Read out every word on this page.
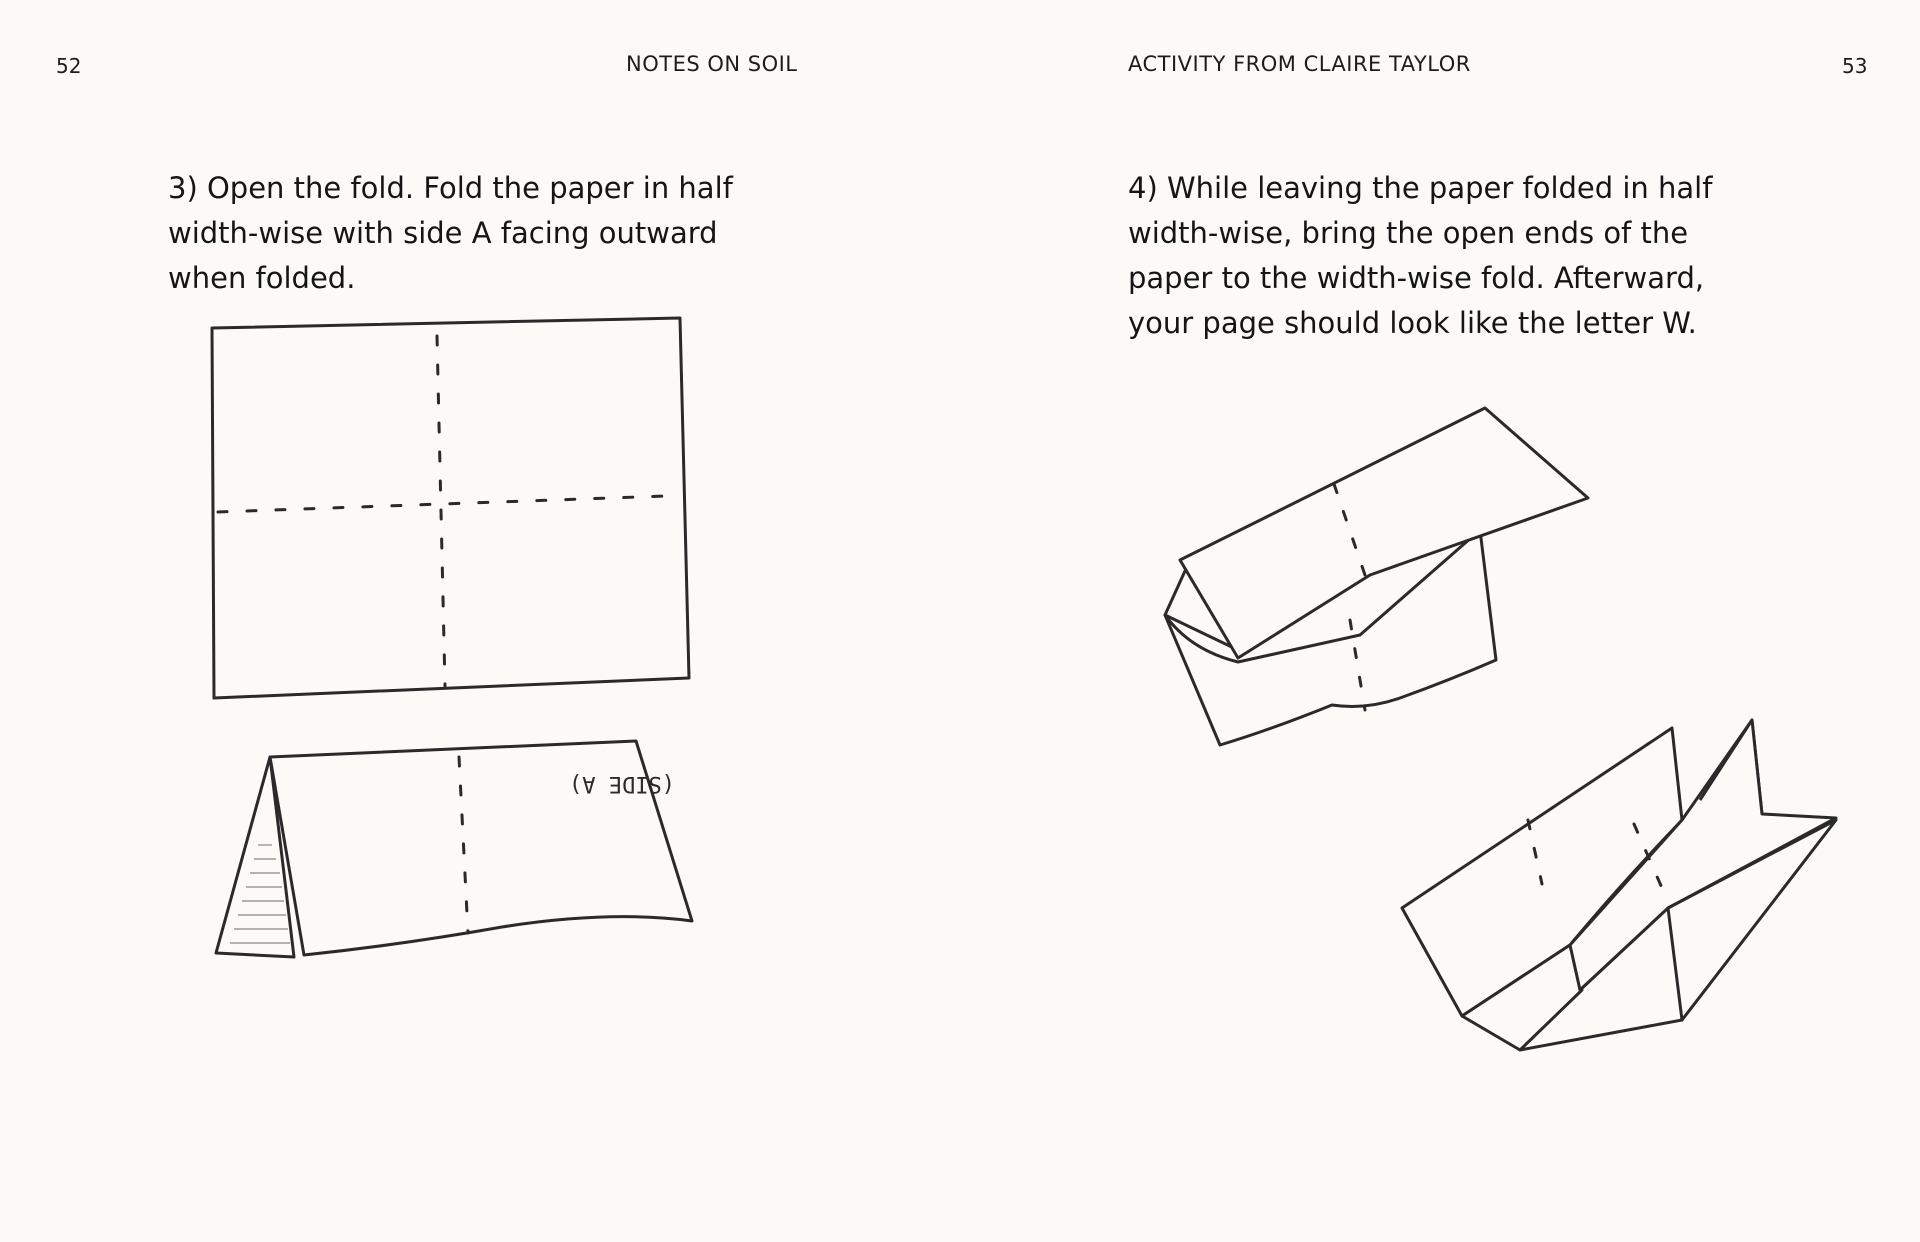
52	NOTES ON SOIL

3) Open the fold. Fold the paper in half
width-wise with side A facing outward
when folded.

(SIDE A)
ACTIVITY FROM CLAIRE TAYLOR	53

4) While leaving the paper folded in half
width-wise, bring the open ends of the
paper to the width-wise fold. Afterward,
your page should look like the letter W.
